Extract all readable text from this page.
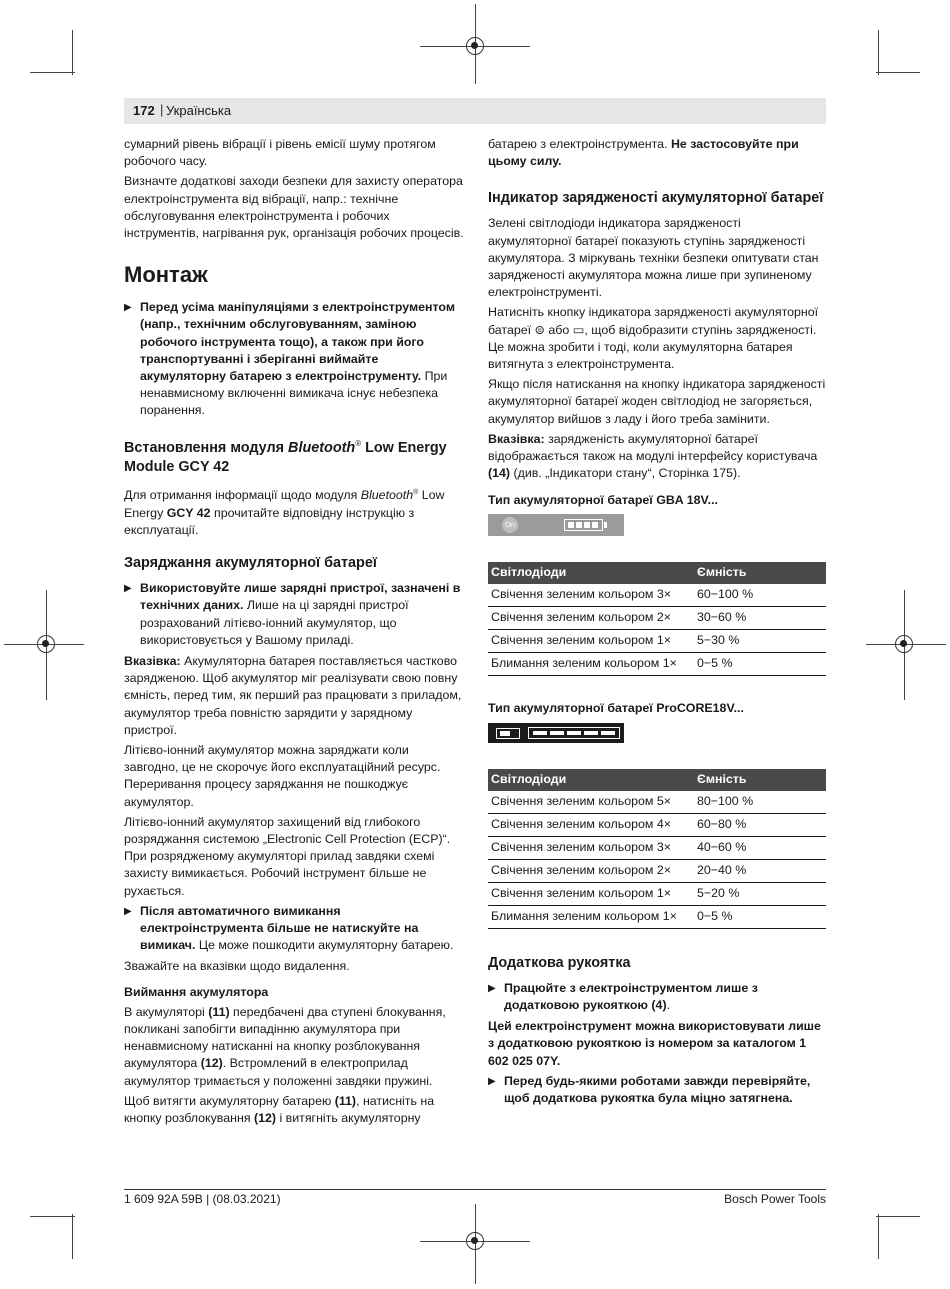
172 | Українська

сумарний рівень вібрації і рівень емісії шуму протягом робочого часу.

Визначте додаткові заходи безпеки для захисту оператора електроінструмента від вібрації, напр.: технічне обслуговування електроінструмента і робочих інструментів, нагрівання рук, організація робочих процесів.

Монтаж

▶ Перед усіма маніпуляціями з електроінструментом (напр., технічним обслуговуванням, заміною робочого інструмента тощо), а також при його транспортуванні і зберіганні виймайте акумуляторну батарею з електроінструменту. При ненавмисному включенні вимикача існує небезпека поранення.

Встановлення модуля Bluetooth® Low Energy Module GCY 42

Для отримання інформації щодо модуля Bluetooth® Low Energy GCY 42 прочитайте відповідну інструкцію з експлуатації.

Заряджання акумуляторної батареї

▶ Використовуйте лише зарядні пристрої, зазначені в технічних даних. Лише на ці зарядні пристрої розрахований літієво-іонний акумулятор, що використовується у Вашому приладі.

Вказівка: Акумуляторна батарея поставляється частково зарядженою. Щоб акумулятор міг реалізувати свою повну ємність, перед тим, як перший раз працювати з приладом, акумулятор треба повністю зарядити у зарядному пристрої.

Літієво-іонний акумулятор можна заряджати коли завгодно, це не скорочує його експлуатаційний ресурс. Переривання процесу заряджання не пошкоджує акумулятор.

Літієво-іонний акумулятор захищений від глибокого розряджання системою „Electronic Cell Protection (ECP)“. При розрядженому акумуляторі прилад завдяки схемі захисту вимикається. Робочий інструмент більше не рухається.

▶ Після автоматичного вимикання електроінструмента більше не натискуйте на вимикач. Це може пошкодити акумуляторну батарею.

Зважайте на вказівки щодо видалення.

Виймання акумулятора

В акумуляторі (11) передбачені два ступені блокування, покликані запобігти випадінню акумулятора при ненавмисному натисканні на кнопку розблокування акумулятора (12). Встромлений в електроприлад акумулятор тримається у положенні завдяки пружині.

Щоб витягти акумуляторну батарею (11), натисніть на кнопку розблокування (12) і витягніть акумуляторну

батарею з електроінструмента. Не застосовуйте при цьому силу.

Індикатор зарядженості акумуляторної батареї

Зелені світлодіоди індикатора зарядженості акумуляторної батареї показують ступінь зарядженості акумулятора. З міркувань техніки безпеки опитувати стан зарядженості акумулятора можна лише при зупиненому електроінструменті.

Натисніть кнопку індикатора зарядженості акумуляторної батареї ⊜ або ▭, щоб відобразити ступінь зарядженості. Це можна зробити і тоді, коли акумуляторна батарея витягнута з електроінструмента.

Якщо після натискання на кнопку індикатора зарядженості акумуляторної батареї жоден світлодіод не загоряється, акумулятор вийшов з ладу і його треба замінити.

Вказівка: зарядженість акумуляторної батареї відображається також на модулі інтерфейсу користувача (14) (див. „Індикатори стану“, Сторінка 175).

Тип акумуляторної батареї GBA 18V...
On
Світлодіоди	Ємність
Свічення зеленим кольором 3×	60−100 %
Свічення зеленим кольором 2×	30−60 %
Свічення зеленим кольором 1×	5−30 %
Блимання зеленим кольором 1×	0−5 %
Тип акумуляторної батареї ProCORE18V...
Світлодіоди	Ємність
Свічення зеленим кольором 5×	80−100 %
Свічення зеленим кольором 4×	60−80 %
Свічення зеленим кольором 3×	40−60 %
Свічення зеленим кольором 2×	20−40 %
Свічення зеленим кольором 1×	5−20 %
Блимання зеленим кольором 1×	0−5 %
Додаткова рукоятка

▶ Працюйте з електроінструментом лише з додатковою рукояткою (4).

Цей електроінструмент можна використовувати лише з додатковою рукояткою із номером за каталогом 1 602 025 07Y.

▶ Перед будь-якими роботами завжди перевіряйте, щоб додаткова рукоятка була міцно затягнена.

1 609 92A 59B | (08.03.2021)	Bosch Power Tools
